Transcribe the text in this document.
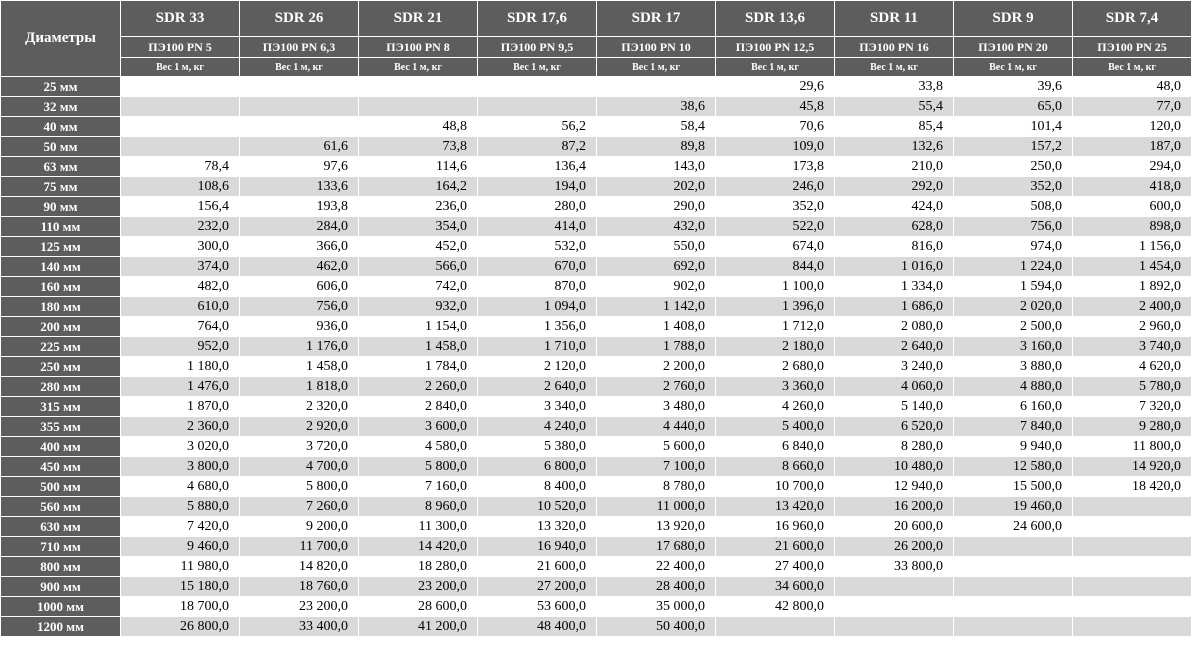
Диаметры	SDR 33	SDR 26	SDR 21	SDR 17,6	SDR 17	SDR 13,6	SDR 11	SDR 9	SDR 7,4
	ПЭ100 PN 5	ПЭ100 PN 6,3	ПЭ100 PN 8	ПЭ100 PN 9,5	ПЭ100 PN 10	ПЭ100 PN 12,5	ПЭ100 PN 16	ПЭ100 PN 20	ПЭ100 PN 25
	Вес 1 м, кг	Вес 1 м, кг	Вес 1 м, кг	Вес 1 м, кг	Вес 1 м, кг	Вес 1 м, кг	Вес 1 м, кг	Вес 1 м, кг	Вес 1 м, кг
25 мм						29,6	33,8	39,6	48,0
32 мм					38,6	45,8	55,4	65,0	77,0
40 мм			48,8	56,2	58,4	70,6	85,4	101,4	120,0
50 мм		61,6	73,8	87,2	89,8	109,0	132,6	157,2	187,0
63 мм	78,4	97,6	114,6	136,4	143,0	173,8	210,0	250,0	294,0
75 мм	108,6	133,6	164,2	194,0	202,0	246,0	292,0	352,0	418,0
90 мм	156,4	193,8	236,0	280,0	290,0	352,0	424,0	508,0	600,0
110 мм	232,0	284,0	354,0	414,0	432,0	522,0	628,0	756,0	898,0
125 мм	300,0	366,0	452,0	532,0	550,0	674,0	816,0	974,0	1 156,0
140 мм	374,0	462,0	566,0	670,0	692,0	844,0	1 016,0	1 224,0	1 454,0
160 мм	482,0	606,0	742,0	870,0	902,0	1 100,0	1 334,0	1 594,0	1 892,0
180 мм	610,0	756,0	932,0	1 094,0	1 142,0	1 396,0	1 686,0	2 020,0	2 400,0
200 мм	764,0	936,0	1 154,0	1 356,0	1 408,0	1 712,0	2 080,0	2 500,0	2 960,0
225 мм	952,0	1 176,0	1 458,0	1 710,0	1 788,0	2 180,0	2 640,0	3 160,0	3 740,0
250 мм	1 180,0	1 458,0	1 784,0	2 120,0	2 200,0	2 680,0	3 240,0	3 880,0	4 620,0
280 мм	1 476,0	1 818,0	2 260,0	2 640,0	2 760,0	3 360,0	4 060,0	4 880,0	5 780,0
315 мм	1 870,0	2 320,0	2 840,0	3 340,0	3 480,0	4 260,0	5 140,0	6 160,0	7 320,0
355 мм	2 360,0	2 920,0	3 600,0	4 240,0	4 440,0	5 400,0	6 520,0	7 840,0	9 280,0
400 мм	3 020,0	3 720,0	4 580,0	5 380,0	5 600,0	6 840,0	8 280,0	9 940,0	11 800,0
450 мм	3 800,0	4 700,0	5 800,0	6 800,0	7 100,0	8 660,0	10 480,0	12 580,0	14 920,0
500 мм	4 680,0	5 800,0	7 160,0	8 400,0	8 780,0	10 700,0	12 940,0	15 500,0	18 420,0
560 мм	5 880,0	7 260,0	8 960,0	10 520,0	11 000,0	13 420,0	16 200,0	19 460,0	
630 мм	7 420,0	9 200,0	11 300,0	13 320,0	13 920,0	16 960,0	20 600,0	24 600,0	
710 мм	9 460,0	11 700,0	14 420,0	16 940,0	17 680,0	21 600,0	26 200,0		
800 мм	11 980,0	14 820,0	18 280,0	21 600,0	22 400,0	27 400,0	33 800,0		
900 мм	15 180,0	18 760,0	23 200,0	27 200,0	28 400,0	34 600,0			
1000 мм	18 700,0	23 200,0	28 600,0	53 600,0	35 000,0	42 800,0			
1200 мм	26 800,0	33 400,0	41 200,0	48 400,0	50 400,0				
